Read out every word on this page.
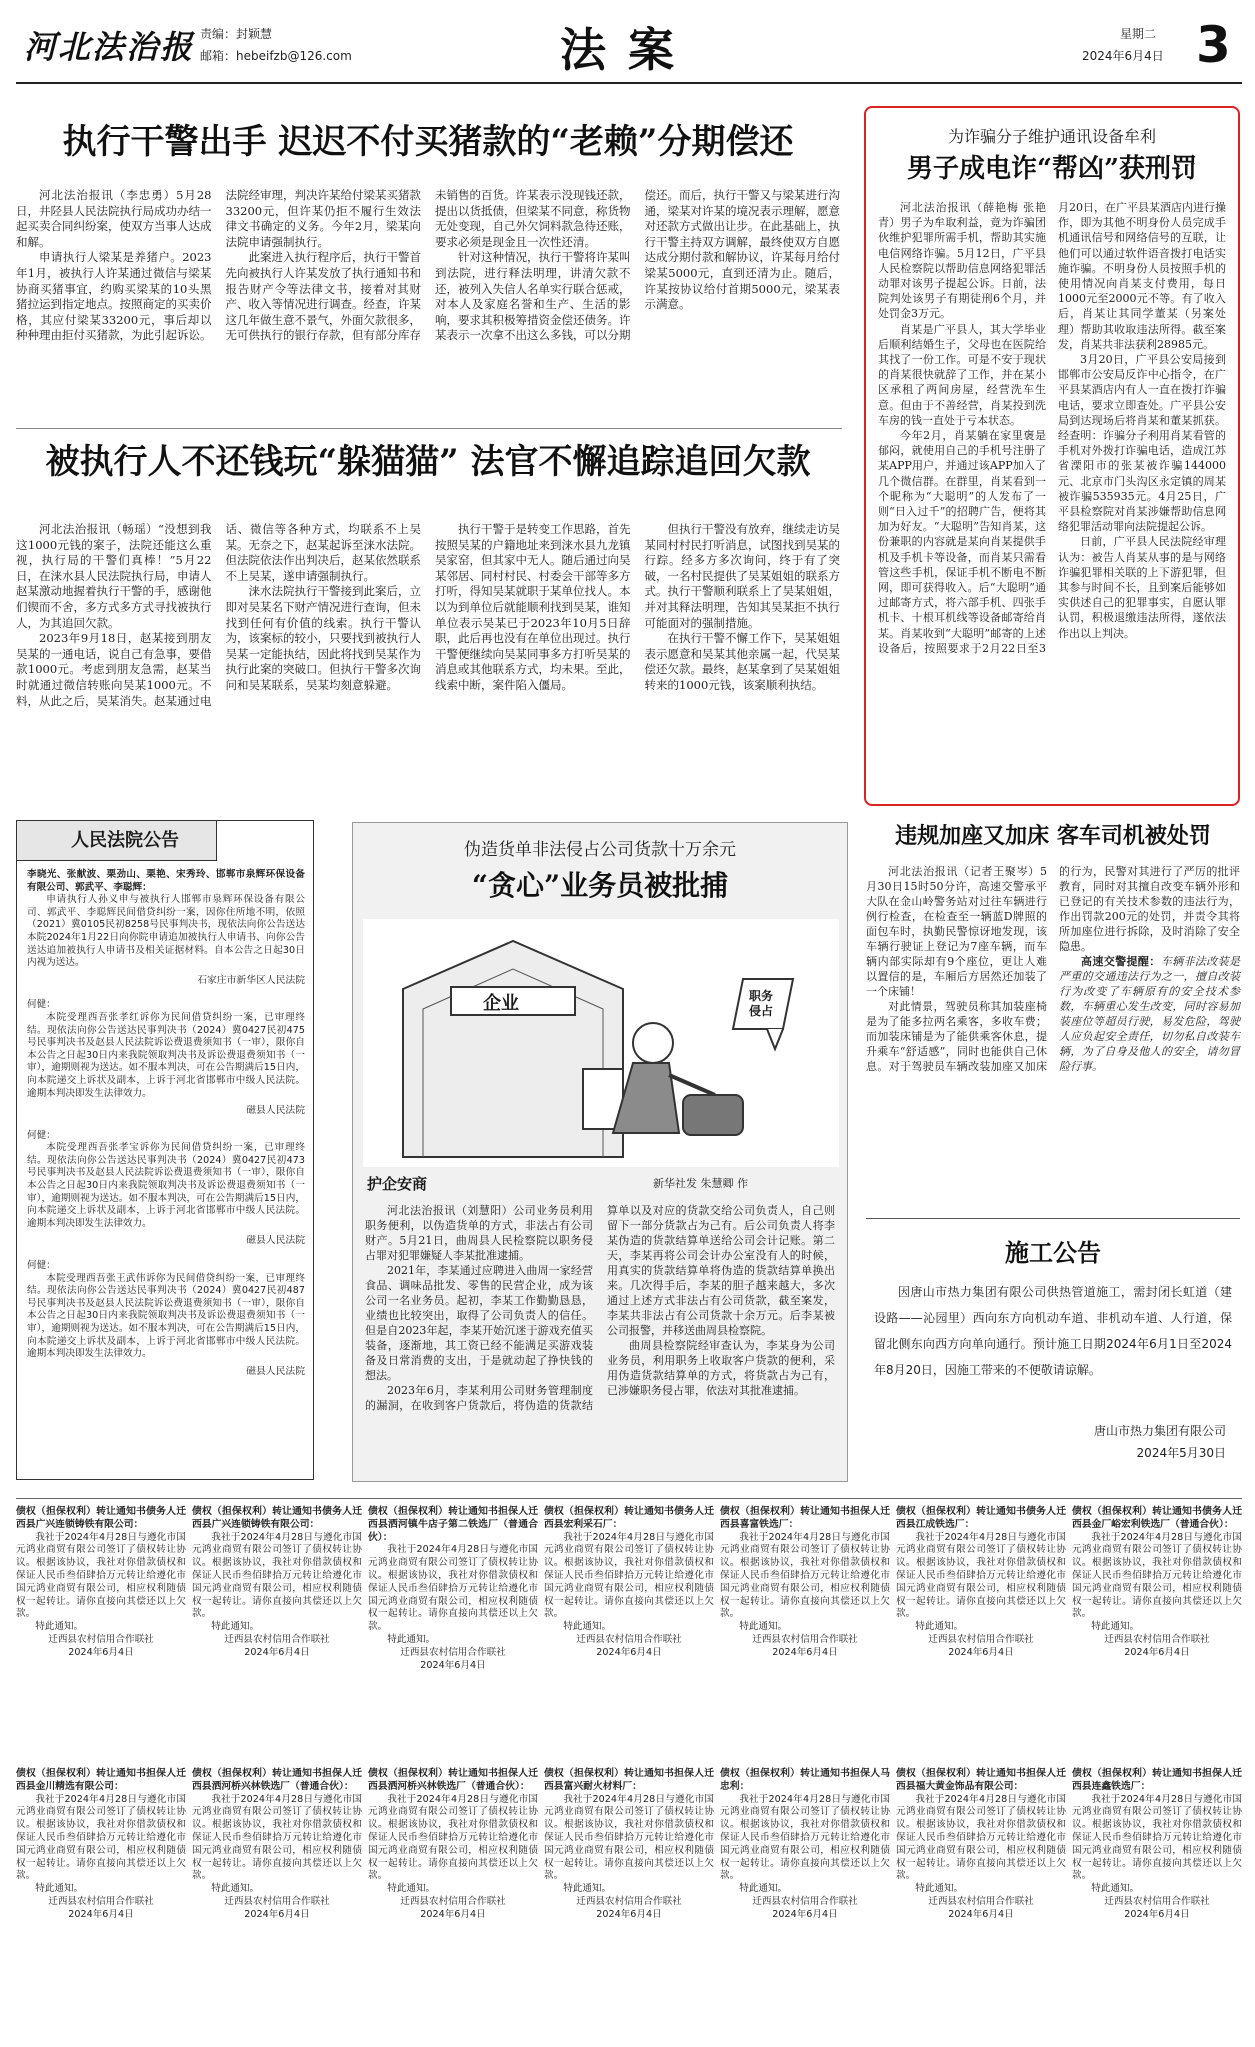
河北法治报 责编：封颖慧
邮箱：hebeifzb@126.com	法案	星期二
2024年6月4日 3
执行干警出手 迟迟不付买猪款的“老赖”分期偿还

河北法治报讯（李忠勇）5月28日，井陉县人民法院执行局成功办结一起买卖合同纠纷案，使双方当事人达成和解。

申请执行人梁某是养猪户。2023年1月，被执行人许某通过微信与梁某协商买猪事宜，约购买梁某的10头黑猪拉运到指定地点。按照商定的买卖价格，其应付梁某33200元，事后却以种种理由拒付买猪款，为此引起诉讼。法院经审理，判决许某给付梁某买猪款33200元，但许某仍拒不履行生效法律文书确定的义务。今年2月，梁某向法院申请强制执行。

此案进入执行程序后，执行干警首先向被执行人许某发放了执行通知书和报告财产令等法律文书，接着对其财产、收入等情况进行调查。经查，许某这几年做生意不景气，外面欠款很多，无可供执行的银行存款，但有部分库存未销售的百货。许某表示没现钱还款，提出以货抵债，但梁某不同意，称货物无处变现，自己外欠饲料款急待还账，要求必须是现金且一次性还清。

针对这种情况，执行干警将许某叫到法院，进行释法明理，讲清欠款不还，被列入失信人名单实行联合惩戒，对本人及家庭名誉和生产、生活的影响，要求其积极筹措资金偿还债务。许某表示一次拿不出这么多钱，可以分期偿还。而后，执行干警又与梁某进行沟通，梁某对许某的境况表示理解，愿意对还款方式做出让步。在此基础上，执行干警主持双方调解，最终使双方自愿达成分期付款和解协议，许某每月给付梁某5000元，直到还清为止。随后，许某按协议给付首期5000元，梁某表示满意。

被执行人不还钱玩“躲猫猫” 法官不懈追踪追回欠款

河北法治报讯（畅瑶）“没想到我这1000元钱的案子，法院还能这么重视，执行局的干警们真棒！”5月22日，在涞水县人民法院执行局，申请人赵某激动地握着执行干警的手，感谢他们锲而不舍，多方式多方式寻找被执行人，为其追回欠款。

2023年9月18日，赵某接到朋友吴某的一通电话，说自己有急事，要借款1000元。考虑到朋友急需，赵某当时就通过微信转账向吴某1000元。不料，从此之后，吴某消失。赵某通过电话、微信等各种方式，均联系不上吴某。无奈之下，赵某起诉至涞水法院。但法院依法作出判决后，赵某依然联系不上吴某，遂申请强制执行。

涞水法院执行干警接到此案后，立即对吴某名下财产情况进行查询，但未找到任何有价值的线索。执行干警认为，该案标的较小，只要找到被执行人吴某一定能执结，因此将找到吴某作为执行此案的突破口。但执行干警多次询问和吴某联系，吴某均刻意躲避。

执行干警于是转变工作思路，首先按照吴某的户籍地址来到涞水县九龙镇吴家窑，但其家中无人。随后通过向吴某邻居、同村村民、村委会干部等多方打听，得知吴某就职于某单位找人。本以为到单位后就能顺利找到吴某，谁知单位表示吴某已于2023年10月5日辞职，此后再也没有在单位出现过。执行干警便继续向吴某同事多方打听吴某的消息或其他联系方式，均未果。至此，线索中断，案件陷入僵局。

但执行干警没有放弃，继续走访吴某同村村民打听消息，试图找到吴某的行踪。经多方多次询问，终于有了突破，一名村民提供了吴某姐姐的联系方式。执行干警顺利联系上了吴某姐姐，并对其释法明理，告知其吴某拒不执行可能面对的强制措施。

在执行干警不懈工作下，吴某姐姐表示愿意和吴某其他亲属一起，代吴某偿还欠款。最终，赵某拿到了吴某姐姐转来的1000元钱，该案顺利执结。

为诈骗分子维护通讯设备牟利
男子成电诈“帮凶”获刑罚

河北法治报讯（薛艳梅 张艳青）男子为牟取利益，竟为诈骗团伙维护犯罪所需手机，帮助其实施电信网络诈骗。5月12日，广平县人民检察院以帮助信息网络犯罪活动罪对该男子提起公诉。日前，法院判处该男子有期徒刑6个月，并处罚金3万元。

肖某是广平县人，其大学毕业后顺利结婚生子，父母也在医院给其找了一份工作。可是不安于现状的肖某很快就辞了工作，并在某小区承租了两间房屋，经营洗车生意。但由于不善经营，肖某投到洗车房的钱一直处于亏本状态。

今年2月，肖某躺在家里褒是郁闷，就使用自己的手机号注册了某APP用户，并通过该APP加入了几个微信群。在群里，肖某看到一个昵称为“大聪明”的人发布了一则“日入过千”的招聘广告，便将其加为好友。“大聪明”告知肖某，这份兼职的内容就是某向肖某提供手机及手机卡等设备，而肖某只需看管这些手机，保证手机不断电不断网，即可获得收入。后“大聪明”通过邮寄方式，将六部手机、四张手机卡、十根耳机线等设备邮寄给肖某。肖某收到“大聪明”邮寄的上述设备后，按照要求于2月22日至3月20日，在广平县某酒店内进行操作，即为其他不明身份人员完成手机通讯信号和网络信号的互联，让他们可以通过软件语音拨打电话实施诈骗。不明身份人员按照手机的使用情况向肖某支付费用，每日1000元至2000元不等。有了收入后，肖某让其同学董某（另案处理）帮助其收取违法所得。截至案发，肖某共非法获利28985元。

3月20日，广平县公安局接到邯郸市公安局反诈中心指令，在广平县某酒店内有人一直在拨打诈骗电话，要求立即查处。广平县公安局到达现场后将肖某和董某抓获。经查明：诈骗分子利用肖某看管的手机对外拨打诈骗电话，造成江苏省溧阳市的张某被诈骗144000元、北京市门头沟区永定镇的周某被诈骗535935元。4月25日，广平县检察院对肖某涉嫌帮助信息网络犯罪活动罪向法院提起公诉。

日前，广平县人民法院经审理认为：被告人肖某从事的是与网络诈骗犯罪相关联的上下游犯罪，但其参与时间不长，且到案后能够如实供述自己的犯罪事实，自愿认罪认罚，积极退缴违法所得，遂依法作出以上判决。

人民法院公告
李晓光、张献波、栗劲山、栗艳、宋秀玲、邯郸市泉辉环保设备有限公司、郭武平、李聪辉：

申请执行人孙义申与被执行人邯郸市泉辉环保设备有限公司、郭武平、李聪辉民间借贷纠纷一案，因你住所地不明，依照（2021）冀0105民初8258号民事判决书，现依法向你公告送达本院2024年1月22日向你院申请追加被执行人申请书、向你公告送达追加被执行人申请书及相关证据材料。自本公告之日起30日内视为送达。

石家庄市新华区人民法院
何健：

本院受理西吾张孝红诉你为民间借贷纠纷一案，已审理终结。现依法向你公告送达民事判决书（2024）冀0427民初475号民事判决书及赵县人民法院诉讼费退费须知书（一审），限你自本公告之日起30日内来我院领取判决书及诉讼费退费须知书（一审），逾期则视为送达。如不服本判决，可在公告期满后15日内，向本院递交上诉状及副本，上诉于河北省邯郸市中级人民法院。逾期本判决即发生法律效力。

磁县人民法院
何健：

本院受理西吾张孝宝诉你为民间借贷纠纷一案，已审理终结。现依法向你公告送达民事判决书（2024）冀0427民初473号民事判决书及赵县人民法院诉讼费退费须知书（一审），限你自本公告之日起30日内来我院领取判决书及诉讼费退费须知书（一审），逾期则视为送达。如不服本判决，可在公告期满后15日内，向本院递交上诉状及副本，上诉于河北省邯郸市中级人民法院。逾期本判决即发生法律效力。

磁县人民法院
何健：

本院受理西吾张王武伟诉你为民间借贷纠纷一案，已审理终结。现依法向你公告送达民事判决书（2024）冀0427民初487号民事判决书及赵县人民法院诉讼费退费须知书（一审），限你自本公告之日起30日内来我院领取判决书及诉讼费退费须知书（一审），逾期则视为送达。如不服本判决，可在公告期满后15日内，向本院递交上诉状及副本，上诉于河北省邯郸市中级人民法院。逾期本判决即发生法律效力。

磁县人民法院
伪造货单非法侵占公司货款十万余元
“贪心”业务员被批捕
企业	职务侵占
护企安商	新华社发 朱慧卿 作

河北法治报讯（刘慧阳）公司业务员利用职务便利，以伪造货单的方式，非法占有公司财产。5月21日，曲周县人民检察院以职务侵占罪对犯罪嫌疑人李某批准逮捕。

2021年，李某通过应聘进入曲周一家经营食品、调味品批发、零售的民营企业，成为该公司一名业务员。起初，李某工作勤勤恳恳，业绩也比较突出，取得了公司负责人的信任。但是自2023年起，李某开始沉迷于游戏充值买装备，逐渐地，其工资已经不能满足买游戏装备及日常消费的支出，于是就动起了挣快钱的想法。

2023年6月，李某利用公司财务管理制度的漏洞，在收到客户货款后，将伪造的货款结算单以及对应的货款交给公司负责人，自己则留下一部分货款占为己有。后公司负责人将李某伪造的货款结算单送给公司会计记账。第二天，李某再将公司会计办公室没有人的时候，用真实的货款结算单将伪造的货款结算单换出来。几次得手后，李某的胆子越来越大，多次通过上述方式非法占有公司货款，截至案发，李某共非法占有公司货款十余万元。后李某被公司报警，并移送曲周县检察院。

曲周县检察院经审查认为，李某身为公司业务员，利用职务上收取客户货款的便利，采用伪造货款结算单的方式，将货款占为己有，已涉嫌职务侵占罪，依法对其批准逮捕。

违规加座又加床 客车司机被处罚

河北法治报讯（记者王聚岑）5月30日15时50分许，高速交警承平大队在金山岭警务站对过往车辆进行例行检查，在检查至一辆蓝D牌照的面包车时，执勤民警惊讶地发现，该车辆行驶证上登记为7座车辆，而车辆内部实际却有9个座位，更让人难以置信的是，车厢后方居然还加装了一个床铺！

对此情景，驾驶员称其加装座椅是为了能多拉两名乘客，多收车费；而加装床铺是为了能供乘客休息，提升乘车“舒适感”，同时也能供自己休息。对于驾驶员车辆改装加座又加床的行为，民警对其进行了严厉的批评教育，同时对其擅自改变车辆外形和已登记的有关技术参数的违法行为，作出罚款200元的处罚，并责令其将所加座位进行拆除，及时消除了安全隐患。

高速交警提醒：车辆非法改装是严重的交通违法行为之一，擅自改装行为改变了车辆原有的安全技术参数，车辆重心发生改变，同时容易加装座位等超员行驶，易发危险，驾驶人应负起安全责任，切勿私自改装车辆，为了自身及他人的安全，请勿冒险行事。

施工公告
因唐山市热力集团有限公司供热管道施工，需封闭长虹道（建设路——沁园里）西向东方向机动车道、非机动车道、人行道，保留北侧东向西方向单向通行。预计施工日期2024年6月1日至2024年8月20日，因施工带来的不便敬请谅解。
唐山市热力集团有限公司
2024年5月30日
债权（担保权利）转让通知书债务人迁西县广兴连锁铸铁有限公司：

我社于2024年4月28日与遵化市国元鸿业商贸有限公司签订了债权转让协议。根据该协议，我社对你借款债权和保证人民币叁佰肆拾万元转让给遵化市国元鸿业商贸有限公司，相应权利随债权一起转让。请你直接向其偿还以上欠款。

特此通知。

迁西县农村信用合作联社
2024年6月4日
债权（担保权利）转让通知书债务人迁西县广兴连锁铸铁有限公司：

我社于2024年4月28日与遵化市国元鸿业商贸有限公司签订了债权转让协议。根据该协议，我社对你借款债权和保证人民币叁佰肆拾万元转让给遵化市国元鸿业商贸有限公司，相应权利随债权一起转让。请你直接向其偿还以上欠款。

特此通知。

迁西县农村信用合作联社
2024年6月4日
债权（担保权利）转让通知书担保人迁西县洒河镇牛店子第二铁选厂（普通合伙）：

我社于2024年4月28日与遵化市国元鸿业商贸有限公司签订了债权转让协议。根据该协议，我社对你借款债权和保证人民币叁佰肆拾万元转让给遵化市国元鸿业商贸有限公司，相应权利随债权一起转让。请你直接向其偿还以上欠款。

特此通知。

迁西县农村信用合作联社
2024年6月4日
债权（担保权利）转让通知书债务人迁西县宏利采石厂：

我社于2024年4月28日与遵化市国元鸿业商贸有限公司签订了债权转让协议。根据该协议，我社对你借款债权和保证人民币叁佰肆拾万元转让给遵化市国元鸿业商贸有限公司，相应权利随债权一起转让。请你直接向其偿还以上欠款。

特此通知。

迁西县农村信用合作联社
2024年6月4日
债权（担保权利）转让通知书担保人迁西县喜富铁选厂：

我社于2024年4月28日与遵化市国元鸿业商贸有限公司签订了债权转让协议。根据该协议，我社对你借款债权和保证人民币叁佰肆拾万元转让给遵化市国元鸿业商贸有限公司，相应权利随债权一起转让。请你直接向其偿还以上欠款。

特此通知。

迁西县农村信用合作联社
2024年6月4日
债权（担保权利）转让通知书债务人迁西县江成铁选厂：

我社于2024年4月28日与遵化市国元鸿业商贸有限公司签订了债权转让协议。根据该协议，我社对你借款债权和保证人民币叁佰肆拾万元转让给遵化市国元鸿业商贸有限公司，相应权利随债权一起转让。请你直接向其偿还以上欠款。

特此通知。

迁西县农村信用合作联社
2024年6月4日
债权（担保权利）转让通知书债务人迁西县金厂峪宏利铁选厂（普通合伙）：

我社于2024年4月28日与遵化市国元鸿业商贸有限公司签订了债权转让协议。根据该协议，我社对你借款债权和保证人民币叁佰肆拾万元转让给遵化市国元鸿业商贸有限公司，相应权利随债权一起转让。请你直接向其偿还以上欠款。

特此通知。

迁西县农村信用合作联社
2024年6月4日
债权（担保权利）转让通知书担保人迁西县金川精选有限公司：

我社于2024年4月28日与遵化市国元鸿业商贸有限公司签订了债权转让协议。根据该协议，我社对你借款债权和保证人民币叁佰肆拾万元转让给遵化市国元鸿业商贸有限公司，相应权利随债权一起转让。请你直接向其偿还以上欠款。

特此通知。

迁西县农村信用合作联社
2024年6月4日
债权（担保权利）转让通知书担保人迁西县洒河桥兴林铁选厂（普通合伙）：

我社于2024年4月28日与遵化市国元鸿业商贸有限公司签订了债权转让协议。根据该协议，我社对你借款债权和保证人民币叁佰肆拾万元转让给遵化市国元鸿业商贸有限公司，相应权利随债权一起转让。请你直接向其偿还以上欠款。

特此通知。

迁西县农村信用合作联社
2024年6月4日
债权（担保权利）转让通知书担保人迁西县洒河桥兴林铁选厂（普通合伙）：

我社于2024年4月28日与遵化市国元鸿业商贸有限公司签订了债权转让协议。根据该协议，我社对你借款债权和保证人民币叁佰肆拾万元转让给遵化市国元鸿业商贸有限公司，相应权利随债权一起转让。请你直接向其偿还以上欠款。

特此通知。

迁西县农村信用合作联社
2024年6月4日
债权（担保权利）转让通知书担保人迁西县富兴耐火材料厂：

我社于2024年4月28日与遵化市国元鸿业商贸有限公司签订了债权转让协议。根据该协议，我社对你借款债权和保证人民币叁佰肆拾万元转让给遵化市国元鸿业商贸有限公司，相应权利随债权一起转让。请你直接向其偿还以上欠款。

特此通知。

迁西县农村信用合作联社
2024年6月4日
债权（担保权利）转让通知书担保人马忠利：

我社于2024年4月28日与遵化市国元鸿业商贸有限公司签订了债权转让协议。根据该协议，我社对你借款债权和保证人民币叁佰肆拾万元转让给遵化市国元鸿业商贸有限公司，相应权利随债权一起转让。请你直接向其偿还以上欠款。

特此通知。

迁西县农村信用合作联社
2024年6月4日
债权（担保权利）转让通知书担保人迁西县福大黄金饰品有限公司：

我社于2024年4月28日与遵化市国元鸿业商贸有限公司签订了债权转让协议。根据该协议，我社对你借款债权和保证人民币叁佰肆拾万元转让给遵化市国元鸿业商贸有限公司，相应权利随债权一起转让。请你直接向其偿还以上欠款。

特此通知。

迁西县农村信用合作联社
2024年6月4日
债权（担保权利）转让通知书担保人迁西县连鑫铁选厂：

我社于2024年4月28日与遵化市国元鸿业商贸有限公司签订了债权转让协议。根据该协议，我社对你借款债权和保证人民币叁佰肆拾万元转让给遵化市国元鸿业商贸有限公司，相应权利随债权一起转让。请你直接向其偿还以上欠款。

特此通知。

迁西县农村信用合作联社
2024年6月4日
